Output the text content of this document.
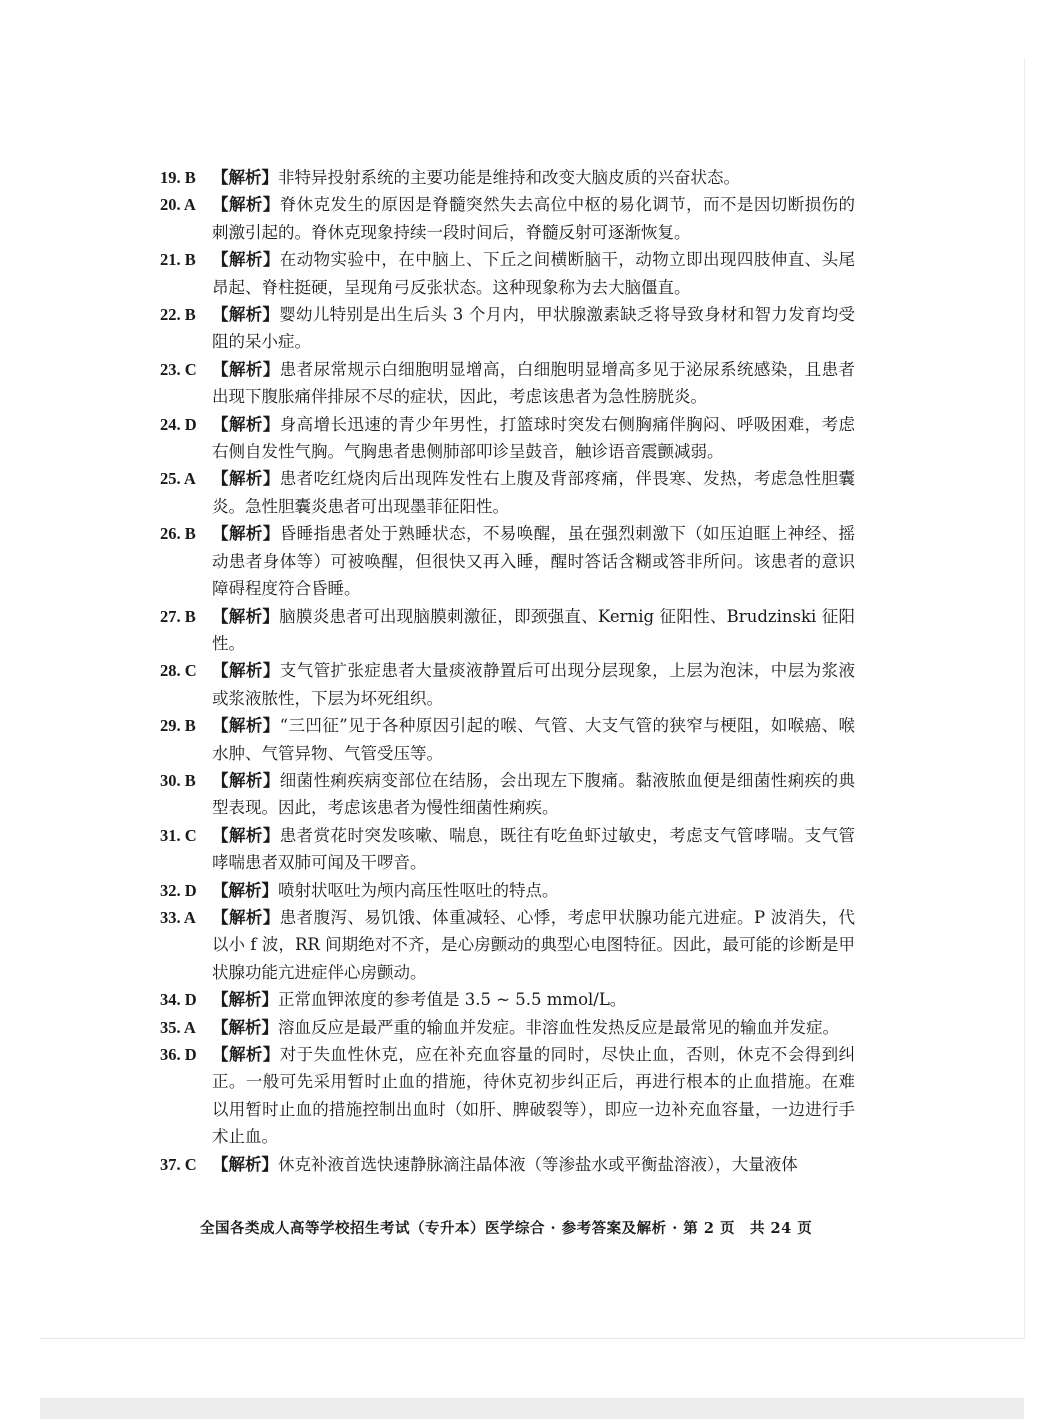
19. B	【 解析 】 非特异投射系统的主要功能是维持和改变大脑皮质的兴奋状态。
20. A	【 解析 】 脊休克发生的原因是脊髓突然失去高位中枢的易化调节，而不是因切断损伤的刺激引起的。脊休克现象持续一段时间后，脊髓反射可逐渐恢复。
21. B	【 解析 】 在动物实验中，在中脑上、下丘之间横断脑干，动物立即出现四肢伸直、头尾昂起、脊柱挺硬，呈现角弓反张状态。这种现象称为去大脑僵直。
22. B	【 解析 】 婴幼儿特别是出生后头 3 个月内，甲状腺激素缺乏将导致身材和智力发育均受阻的呆小症。
23. C	【 解析 】 患者尿常规示白细胞明显增高，白细胞明显增高多见于泌尿系统感染，且患者出现下腹胀痛伴排尿不尽的症状，因此，考虑该患者为急性膀胱炎。
24. D	【 解析 】 身高增长迅速的青少年男性，打篮球时突发右侧胸痛伴胸闷、呼吸困难，考虑右侧自发性气胸。气胸患者患侧肺部叩诊呈鼓音，触诊语音震颤减弱。
25. A	【 解析 】 患者吃红烧肉后出现阵发性右上腹及背部疼痛，伴畏寒、发热，考虑急性胆囊炎。急性胆囊炎患者可出现墨菲征阳性。
26. B	【 解析 】 昏睡指患者处于熟睡状态，不易唤醒，虽在强烈刺激下（如压迫眶上神经、摇动患者身体等）可被唤醒，但很快又再入睡，醒时答话含糊或答非所问。该患者的意识障碍程度符合昏睡。
27. B	【 解析 】 脑膜炎患者可出现脑膜刺激征，即颈强直、Kernig 征阳性、Brudzinski 征阳性。
28. C	【 解析 】 支气管扩张症患者大量痰液静置后可出现分层现象，上层为泡沫，中层为浆液或浆液脓性，下层为坏死组织。
29. B	【 解析 】 “三凹征”见于各种原因引起的喉、气管、大支气管的狭窄与梗阻，如喉癌、喉水肿、气管异物、气管受压等。
30. B	【 解析 】 细菌性痢疾病变部位在结肠，会出现左下腹痛。黏液脓血便是细菌性痢疾的典型表现。因此，考虑该患者为慢性细菌性痢疾。
31. C	【 解析 】 患者赏花时突发咳嗽、喘息，既往有吃鱼虾过敏史，考虑支气管哮喘。支气管哮喘患者双肺可闻及干啰音。
32. D	【 解析 】 喷射状呕吐为颅内高压性呕吐的特点。
33. A	【 解析 】 患者腹泻、易饥饿、体重减轻、心悸，考虑甲状腺功能亢进症。P 波消失，代以小 f 波，RR 间期绝对不齐，是心房颤动的典型心电图特征。因此，最可能的诊断是甲状腺功能亢进症伴心房颤动。
34. D	【 解析 】 正常血钾浓度的参考值是 3.5 ~ 5.5 mmol/L。
35. A	【 解析 】 溶血反应是最严重的输血并发症。非溶血性发热反应是最常见的输血并发症。
36. D	【 解析 】 对于失血性休克，应在补充血容量的同时，尽快止血，否则，休克不会得到纠正。一般可先采用暂时止血的措施，待休克初步纠正后，再进行根本的止血措施。在难以用暂时止血的措施控制出血时（如肝、脾破裂等），即应一边补充血容量，一边进行手术止血。
37. C	【 解析 】 休克补液首选快速静脉滴注晶体液（等渗盐水或平衡盐溶液），大量液体
全国各类成人高等学校招生考试（专升本）医学综合 · 参考答案及解析 · 第 2 页　共 24 页
